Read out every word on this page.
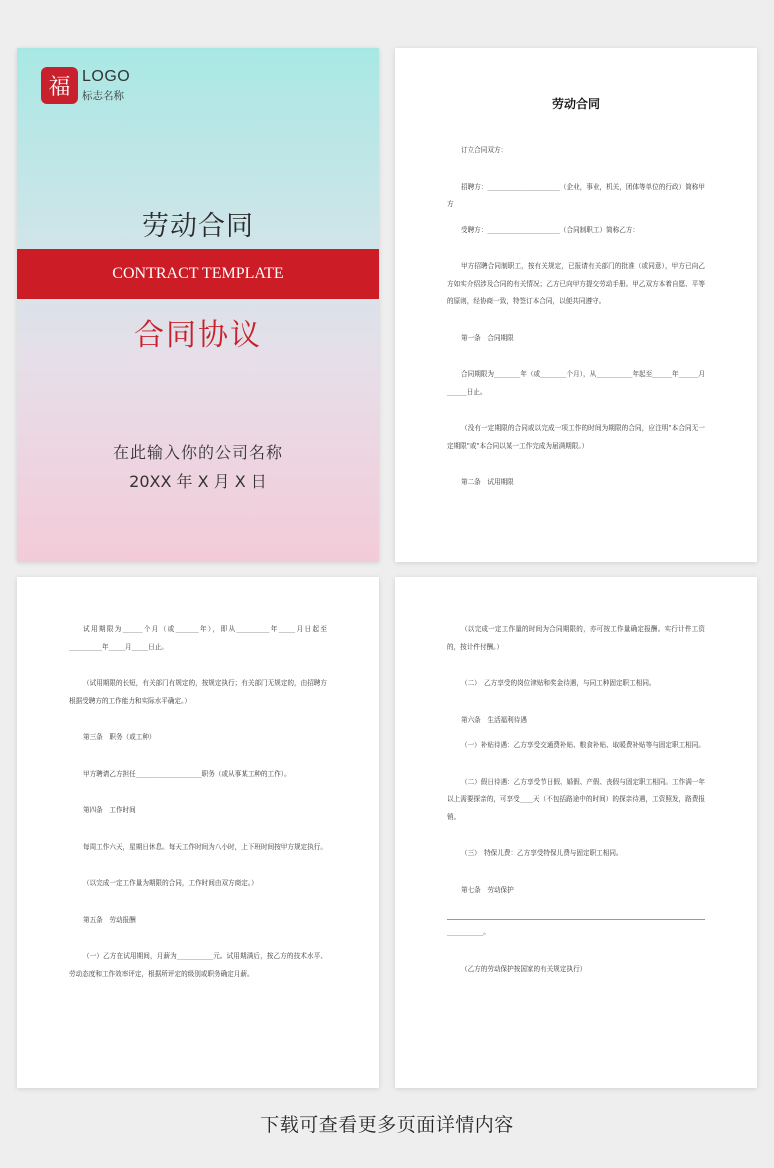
福 LOGO
标志名称
劳动合同
CONTRACT TEMPLATE
合同协议
在此输入你的公司名称
20XX 年 X 月 X 日
劳动合同

订立合同双方：

招聘方：______________________（企业，事业，机关，团体等单位的行政）简称甲方

受聘方：______________________（合同制职工）简称乙方：

甲方招聘合同制职工，按有关规定，已报请有关部门的批准（或同意），甲方已向乙方如实介绍涉及合同的有关情况；乙方已向甲方提交劳动手册。甲乙双方本着自愿、平等的原则，经协商一致，特签订本合同，以便共同遵守。

第一条　合同期限

合同期限为________年（或________个月），从___________年起至______年______月______日止。

（没有一定期限的合同或以完成一项工作的时间为期限的合同，应注明"本合同无一定期限"或"本合同以某一工作完成为届满期限。）

第二条　试用期限

试用期限为______个月（或_______年），即从__________年_____月日起至__________年_____月_____日止。

（试用期限的长短，有关部门有规定的，按规定执行；有关部门无规定的，由招聘方根据受聘方的工作能力和实际水平确定。）

第三条　职务（或工种）

甲方聘请乙方担任____________________职务（或从事某工种的工作）。

第四条　工作时间

每周工作六天，星期日休息。每天工作时间为八小时，上下班时间按甲方规定执行。

（以完成一定工作量为期限的合同，工作时间由双方商定。）

第五条　劳动报酬

（一）乙方在试用期间，月薪为___________元。试用期满后，按乙方的技术水平、劳动态度和工作效率评定，根据所评定的级别或职务确定月薪。

（以完成一定工作量的时间为合同期限的，亦可按工作量确定报酬。实行计件工资的，按计件付酬。）

（二）　乙方享受的岗位津贴和奖金待遇，与同工种固定职工相同。

第六条　生活福利待遇

（一）补贴待遇：乙方享受交通费补贴、粮食补贴、取暖费补贴等与固定职工相同。

（二）假日待遇：乙方享受节日假、婚假、产假、丧假与固定职工相同。工作满一年以上需要探亲的，可享受____天（不包括路途中的时间）的探亲待遇，工资照发，路费报销。

（三）　特保儿费：乙方享受特保儿费与固定职工相同。

第七条　劳动保护

___________。

（乙方的劳动保护按国家的有关规定执行）

下载可查看更多页面详情内容
